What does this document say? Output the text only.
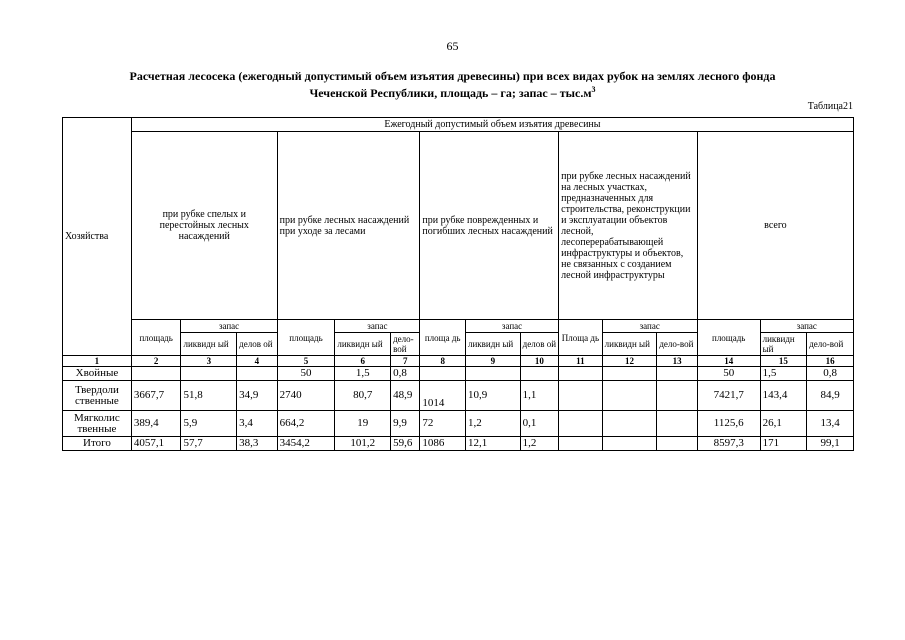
65
Расчетная лесосека (ежегодный допустимый объем изъятия древесины) при всех видах рубок на землях лесного фонда
Чеченской Республики, площадь – га; запас – $тыс.м^3$
Таблица21
Хозяйства	Ежегодный допустимый объем изъятия древесины														
	при рубке спелых и перестойных лесных насаждений			при рубке лесных насаждений при уходе за лесами			при рубке поврежденных и погибших лесных насаждений			при рубке лесных насаждений на лесных участках, предназначенных для строительства, реконструкции и эксплуатации объектов лесной, лесоперерабатывающей инфраструктуры и объектов, не связанных с созданием лесной инфраструктуры			всего		
	площадь	запас		площадь	запас		площа дь	запас		Площа дь	запас		площадь	запас	
		ликвидн ый	делов ой		ликвидн ый	дело-вой		ликвидн ый	делов ой		ликвидн ый	дело-вой		ликвидн ый	дело-вой
1	2	3	4	5	6	7	8	9	10	11	12	13	14	15	16
Хвойные				50	1,5	0,8							50	1,5	0,8
Твердоли ственные	3667,7	51,8	34,9	2740	80,7	48,9	1014	10,9	1,1				7421,7	143,4	84,9
Мягколис твенные	389,4	5,9	3,4	664,2	19	9,9	72	1,2	0,1				1125,6	26,1	13,4
Итого	4057,1	57,7	38,3	3454,2	101,2	59,6	1086	12,1	1,2				8597,3	171	99,1
